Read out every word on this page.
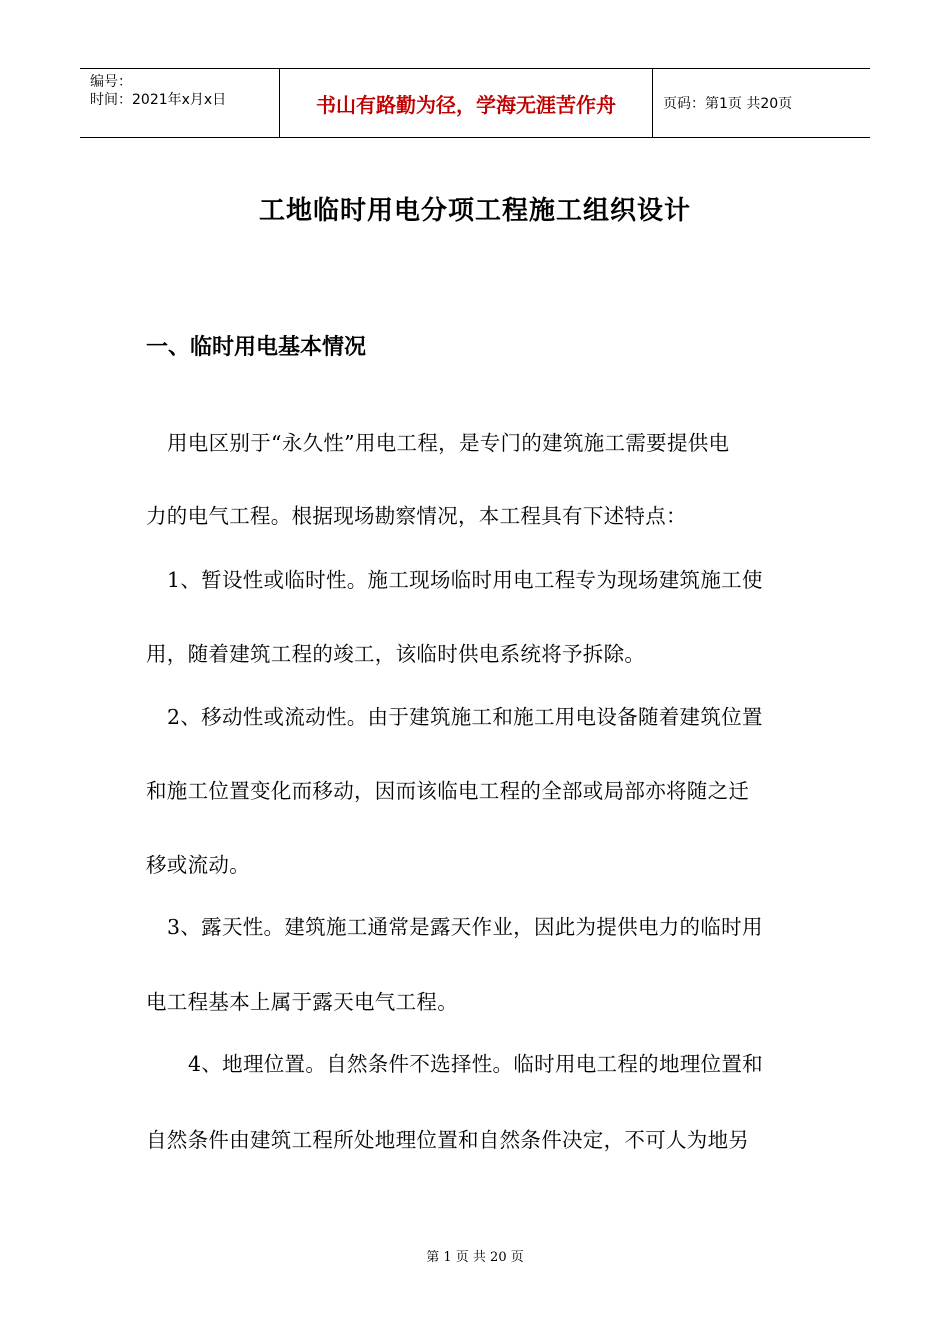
编号：
时间：2021年x月x日	书山有路勤为径，学海无涯苦作舟	页码：第1页 共20页
工地临时用电分项工程施工组织设计
一、临时用电基本情况
用电区别于“永久性”用电工程，是专门的建筑施工需要提供电
力的电气工程。根据现场勘察情况，本工程具有下述特点：
1、暂设性或临时性。施工现场临时用电工程专为现场建筑施工使
用，随着建筑工程的竣工，该临时供电系统将予拆除。
2、移动性或流动性。由于建筑施工和施工用电设备随着建筑位置
和施工位置变化而移动，因而该临电工程的全部或局部亦将随之迁
移或流动。
3、露天性。建筑施工通常是露天作业，因此为提供电力的临时用
电工程基本上属于露天电气工程。
4、地理位置。自然条件不选择性。临时用电工程的地理位置和
自然条件由建筑工程所处地理位置和自然条件决定，不可人为地另
第 1 页 共 20 页
